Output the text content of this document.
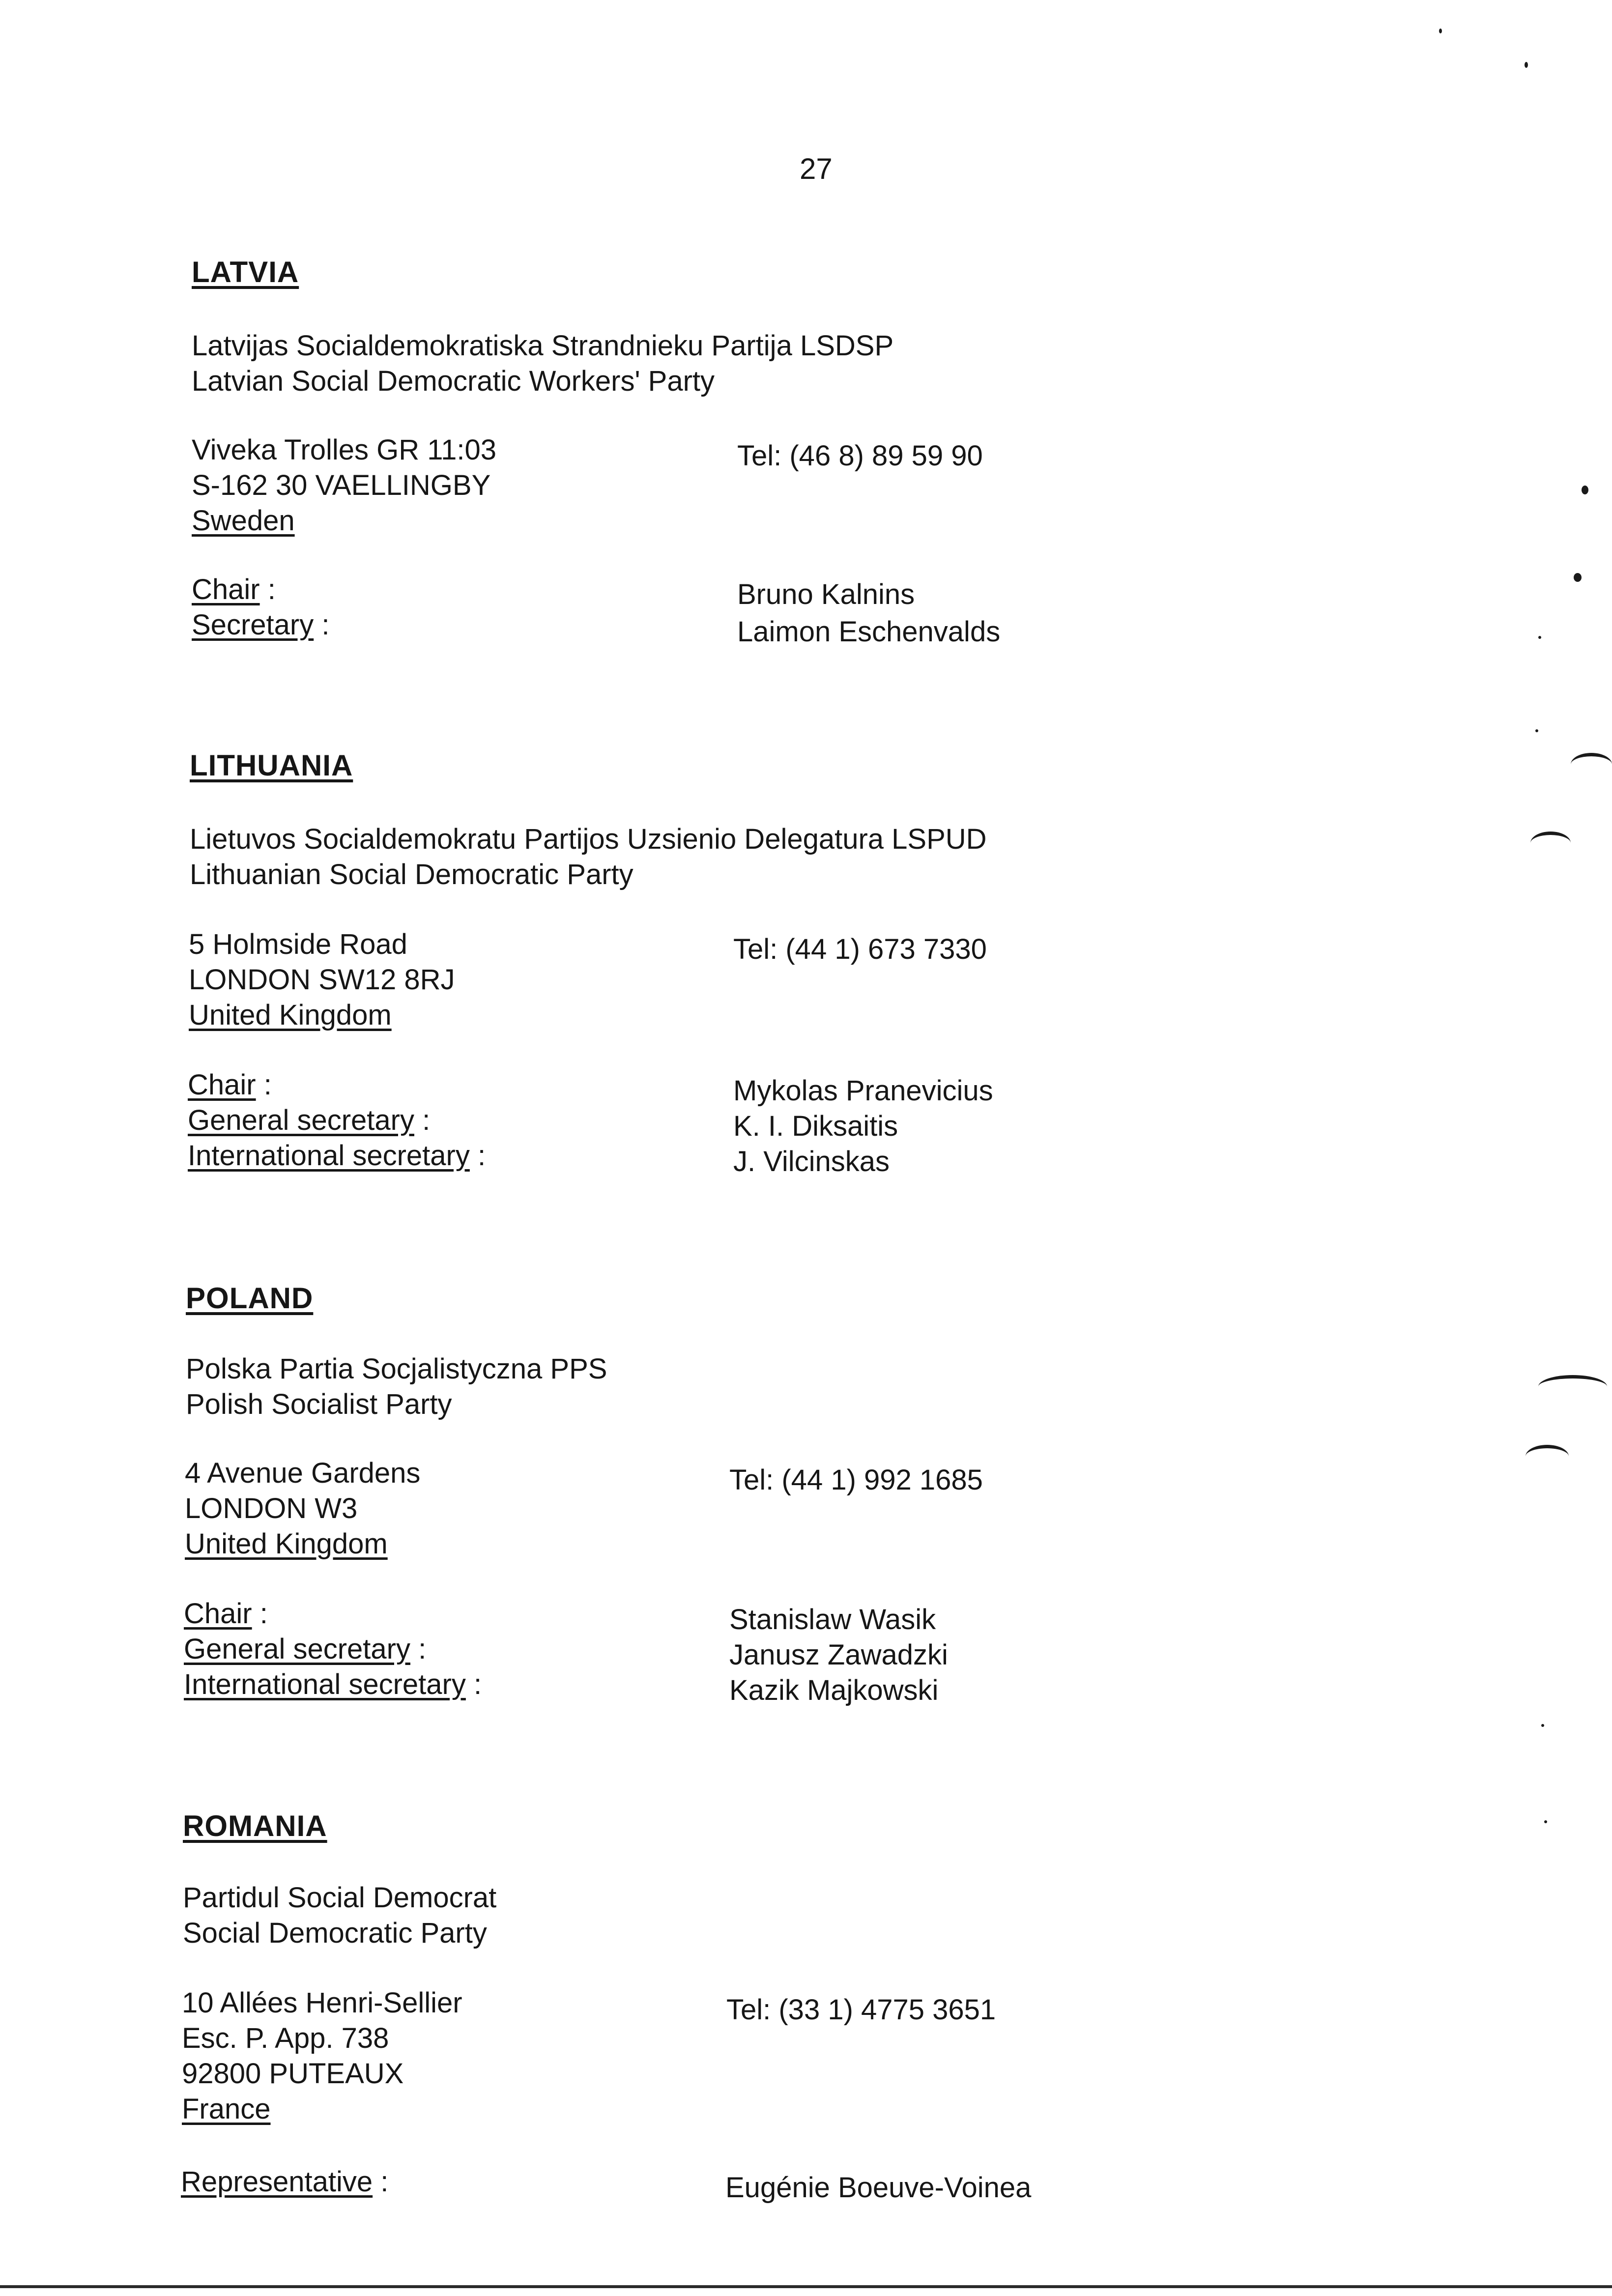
27
LATVIA
Latvijas Socialdemokratiska Strandnieku Partija LSDSP
Latvian Social Democratic Workers' Party
Viveka Trolles GR 11:03
S-162 30 VAELLINGBY
Sweden
Tel: (46 8) 89 59 90
Chair :	Bruno Kalnins
Secretary :	Laimon Eschenvalds
LITHUANIA
Lietuvos Socialdemokratu Partijos Uzsienio Delegatura LSPUD
Lithuanian Social Democratic Party
5 Holmside Road
LONDON SW12 8RJ
United Kingdom
Tel: (44 1) 673 7330
Chair :	Mykolas Pranevicius
General secretary :	K. I. Diksaitis
International secretary :	J. Vilcinskas
POLAND
Polska Partia Socjalistyczna PPS
Polish Socialist Party
4 Avenue Gardens
LONDON W3
United Kingdom
Tel: (44 1) 992 1685
Chair :	Stanislaw Wasik
General secretary :	Janusz Zawadzki
International secretary :	Kazik Majkowski
ROMANIA
Partidul Social Democrat
Social Democratic Party
10 Allées Henri-Sellier
Esc. P. App. 738
92800 PUTEAUX
France
Tel: (33 1) 4775 3651
Representative :	Eugénie Boeuve-Voinea
